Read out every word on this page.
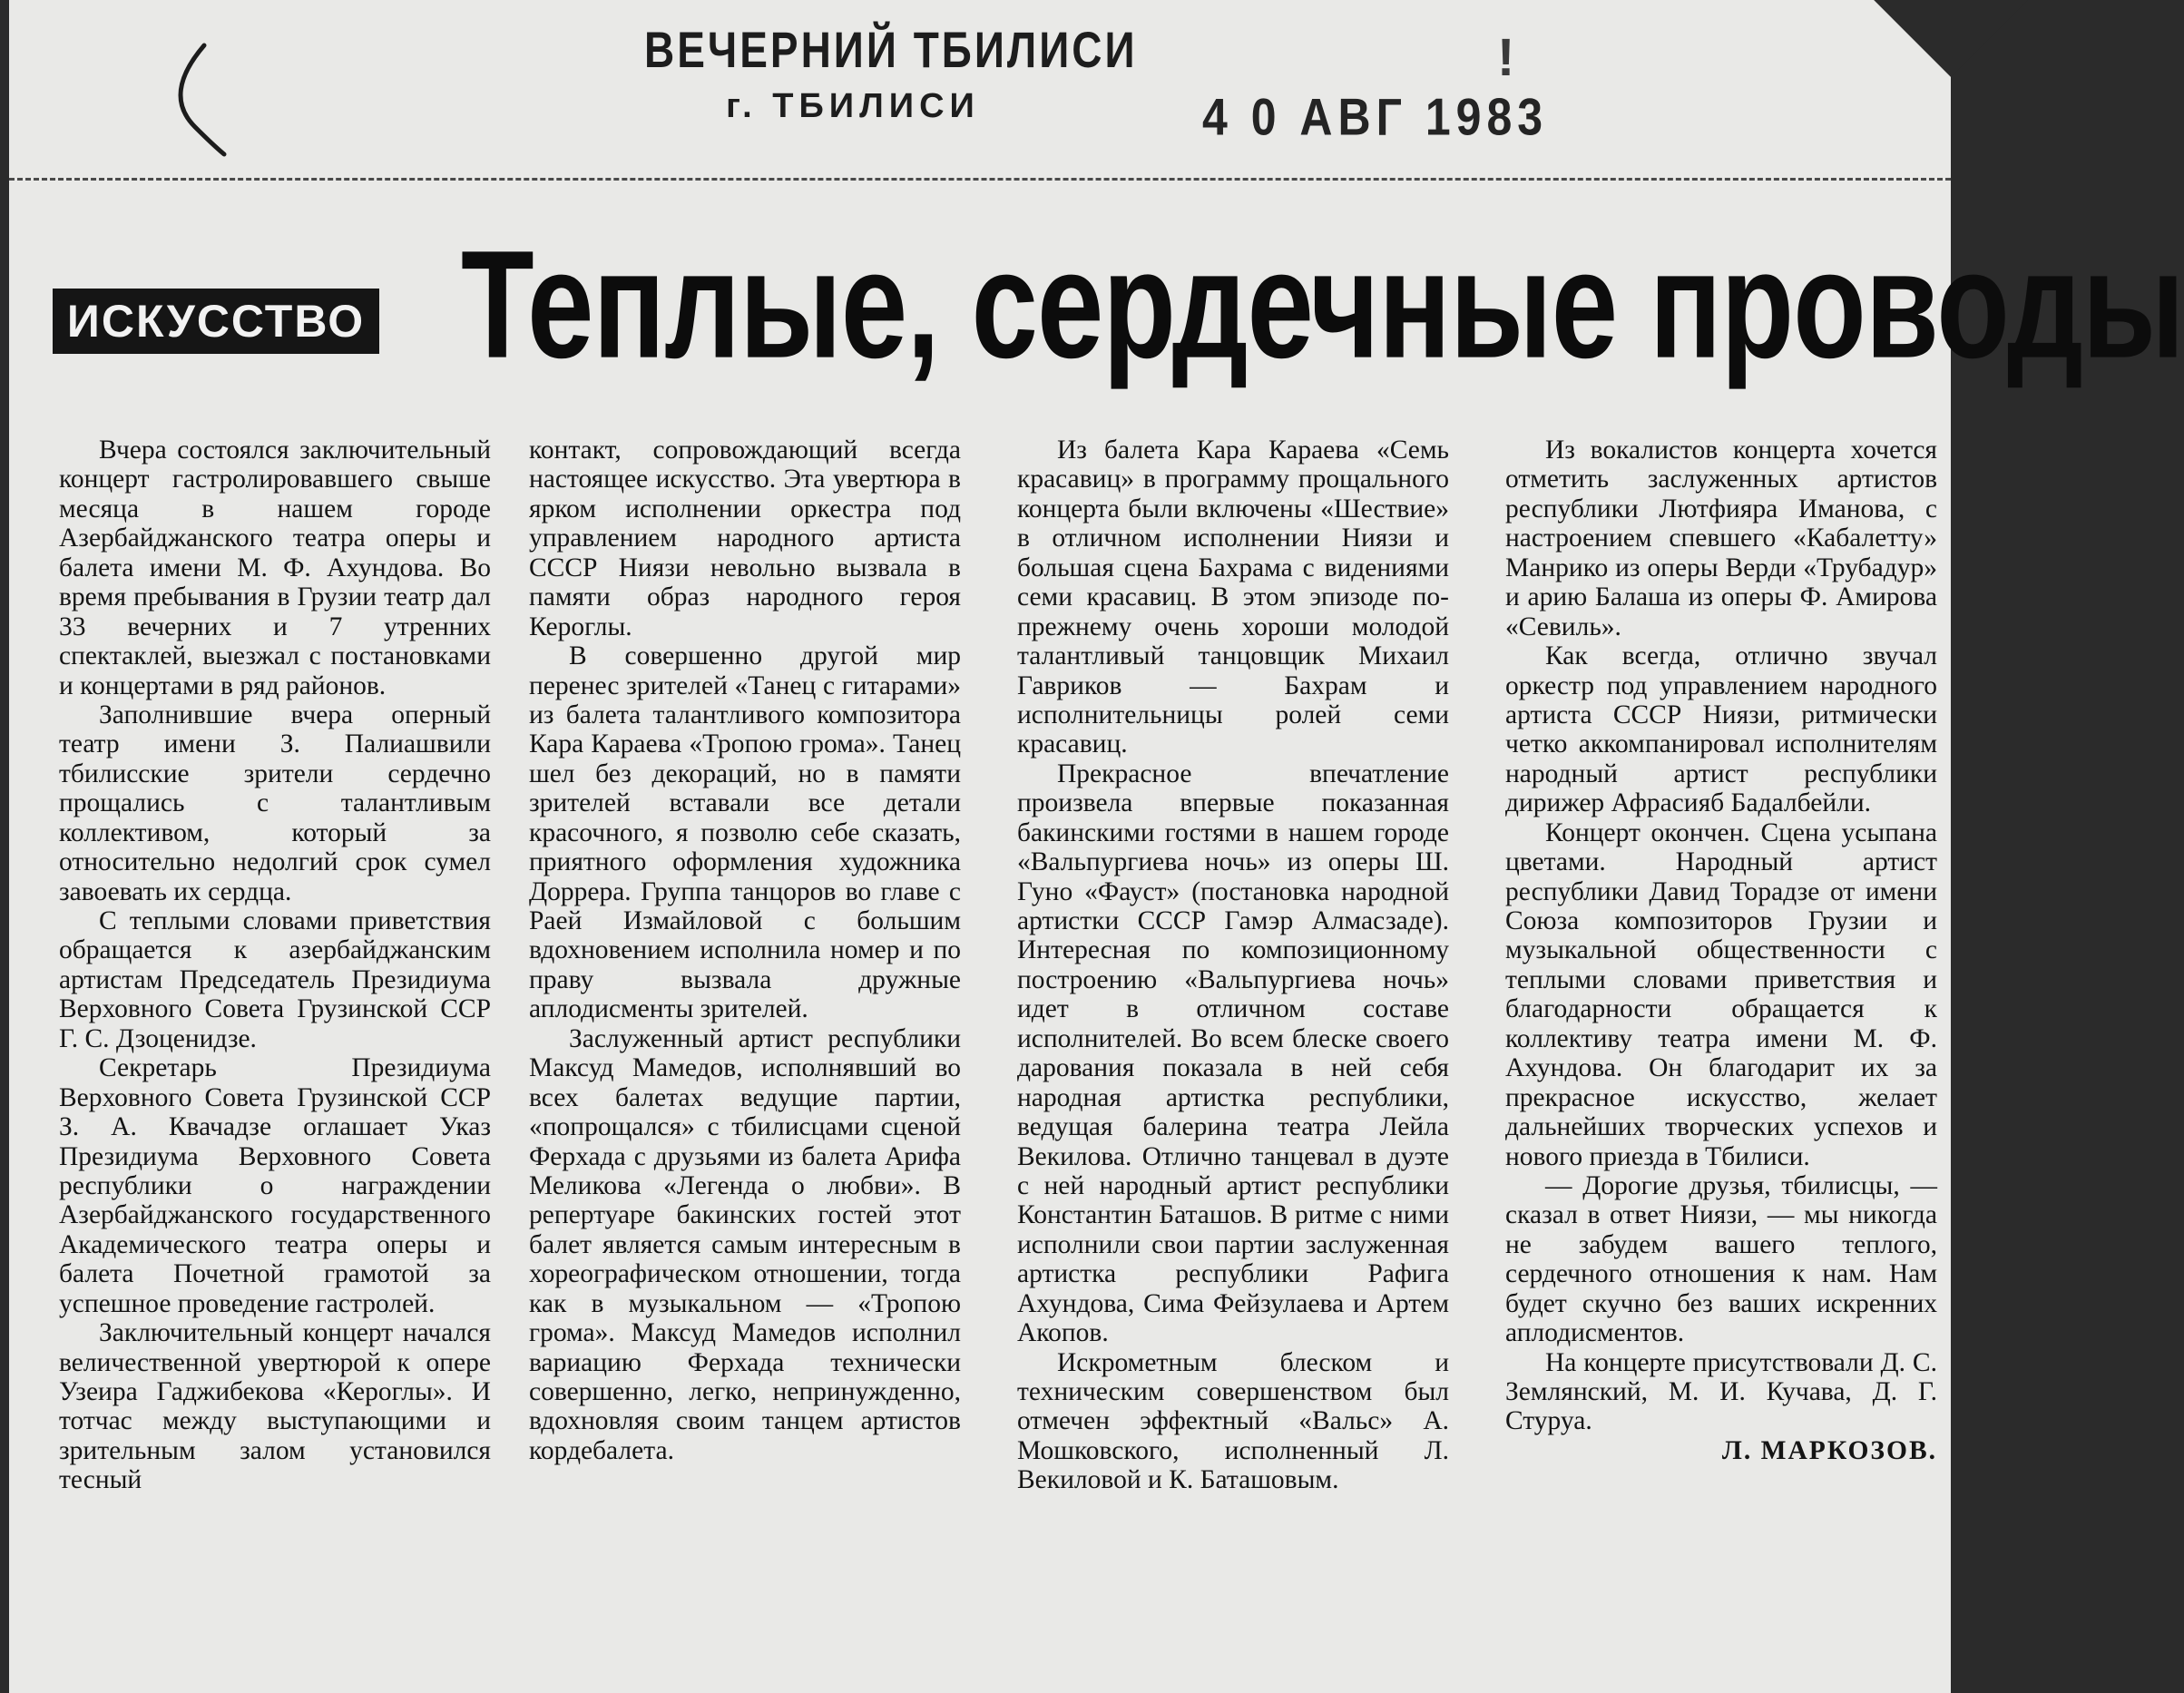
ВЕЧЕРНИЙ ТБИЛИСИ
г. ТБИЛИСИ	4 0 АВГ 1983
!
ИСКУССТВО Теплые, сердечные проводы

Вчера состоялся заключительный концерт гастролировавшего свыше месяца в нашем городе Азербайджанского театра оперы и балета имени М. Ф. Ахундова. Во время пребывания в Грузии театр дал 33 вечерних и 7 утренних спектаклей, выезжал с постановками и концертами в ряд районов.

Заполнившие вчера оперный театр имени З. Палиашвили тбилисские зрители сердечно прощались с талантливым коллективом, который за относительно недолгий срок сумел завоевать их сердца.

С теплыми словами приветствия обращается к азербайджанским артистам Председатель Президиума Верховного Совета Грузинской ССР Г. С. Дзоценидзе.

Секретарь Президиума Верховного Совета Грузинской ССР З. А. Квачадзе оглашает Указ Президиума Верховного Совета республики о награждении Азербайджанского государственного Академического театра оперы и балета Почетной грамотой за успешное проведение гастролей.

Заключительный концерт начался величественной увертюрой к опере Узеира Гаджибекова «Кероглы». И тотчас между выступающими и зрительным залом установился тесный

контакт, сопровождающий всегда настоящее искусство. Эта увертюра в ярком исполнении оркестра под управлением народного артиста СССР Ниязи невольно вызвала в памяти образ народного героя Кероглы.

В совершенно другой мир перенес зрителей «Танец с гитарами» из балета талантливого композитора Кара Караева «Тропою грома». Танец шел без декораций, но в памяти зрителей вставали все детали красочного, я позволю себе сказать, приятного оформления художника Доррера. Группа танцоров во главе с Раей Измайловой с большим вдохновением исполнила номер и по праву вызвала дружные аплодисменты зрителей.

Заслуженный артист республики Максуд Мамедов, исполнявший во всех балетах ведущие партии, «попрощался» с тбилисцами сценой Ферхада с друзьями из балета Арифа Меликова «Легенда о любви». В репертуаре бакинских гостей этот балет является самым интересным в хореографическом отношении, тогда как в музыкальном — «Тропою грома». Максуд Мамедов исполнил вариацию Ферхада технически совершенно, легко, непринужденно, вдохновляя своим танцем артистов кордебалета.

Из балета Кара Караева «Семь красавиц» в программу прощального концерта были включены «Шествие» в отличном исполнении Ниязи и большая сцена Бахрама с видениями семи красавиц. В этом эпизоде по-прежнему очень хороши молодой талантливый танцовщик Михаил Гавриков — Бахрам и исполнительницы ролей семи красавиц.

Прекрасное впечатление произвела впервые показанная бакинскими гостями в нашем городе «Вальпургиева ночь» из оперы Ш. Гуно «Фауст» (постановка народной артистки СССР Гамэр Алмасзаде). Интересная по композиционному построению «Вальпургиева ночь» идет в отличном составе исполнителей. Во всем блеске своего дарования показала в ней себя народная артистка республики, ведущая балерина театра Лейла Векилова. Отлично танцевал в дуэте с ней народный артист республики Константин Баташов. В ритме с ними исполнили свои партии заслуженная артистка республики Рафига Ахундова, Сима Фейзулаева и Артем Акопов.

Искрометным блеском и техническим совершенством был отмечен эффектный «Вальс» А. Мошковского, исполненный Л. Векиловой и К. Баташовым.

Из вокалистов концерта хочется отметить заслуженных артистов республики Лютфияра Иманова, с настроением спевшего «Кабалетту» Манрико из оперы Верди «Трубадур» и арию Балаша из оперы Ф. Амирова «Севиль».

Как всегда, отлично звучал оркестр под управлением народного артиста СССР Ниязи, ритмически четко аккомпанировал исполнителям народный артист республики дирижер Афрасияб Бадалбейли.

Концерт окончен. Сцена усыпана цветами. Народный артист республики Давид Торадзе от имени Союза композиторов Грузии и музыкальной общественности с теплыми словами приветствия и благодарности обращается к коллективу театра имени М. Ф. Ахундова. Он благодарит их за прекрасное искусство, желает дальнейших творческих успехов и нового приезда в Тбилиси.

— Дорогие друзья, тбилисцы, — сказал в ответ Ниязи, — мы никогда не забудем вашего теплого, сердечного отношения к нам. Нам будет скучно без ваших искренних аплодисментов.

На концерте присутствовали Д. С. Землянский, М. И. Кучава, Д. Г. Стуруа.

Л. МАРКОЗОВ.
